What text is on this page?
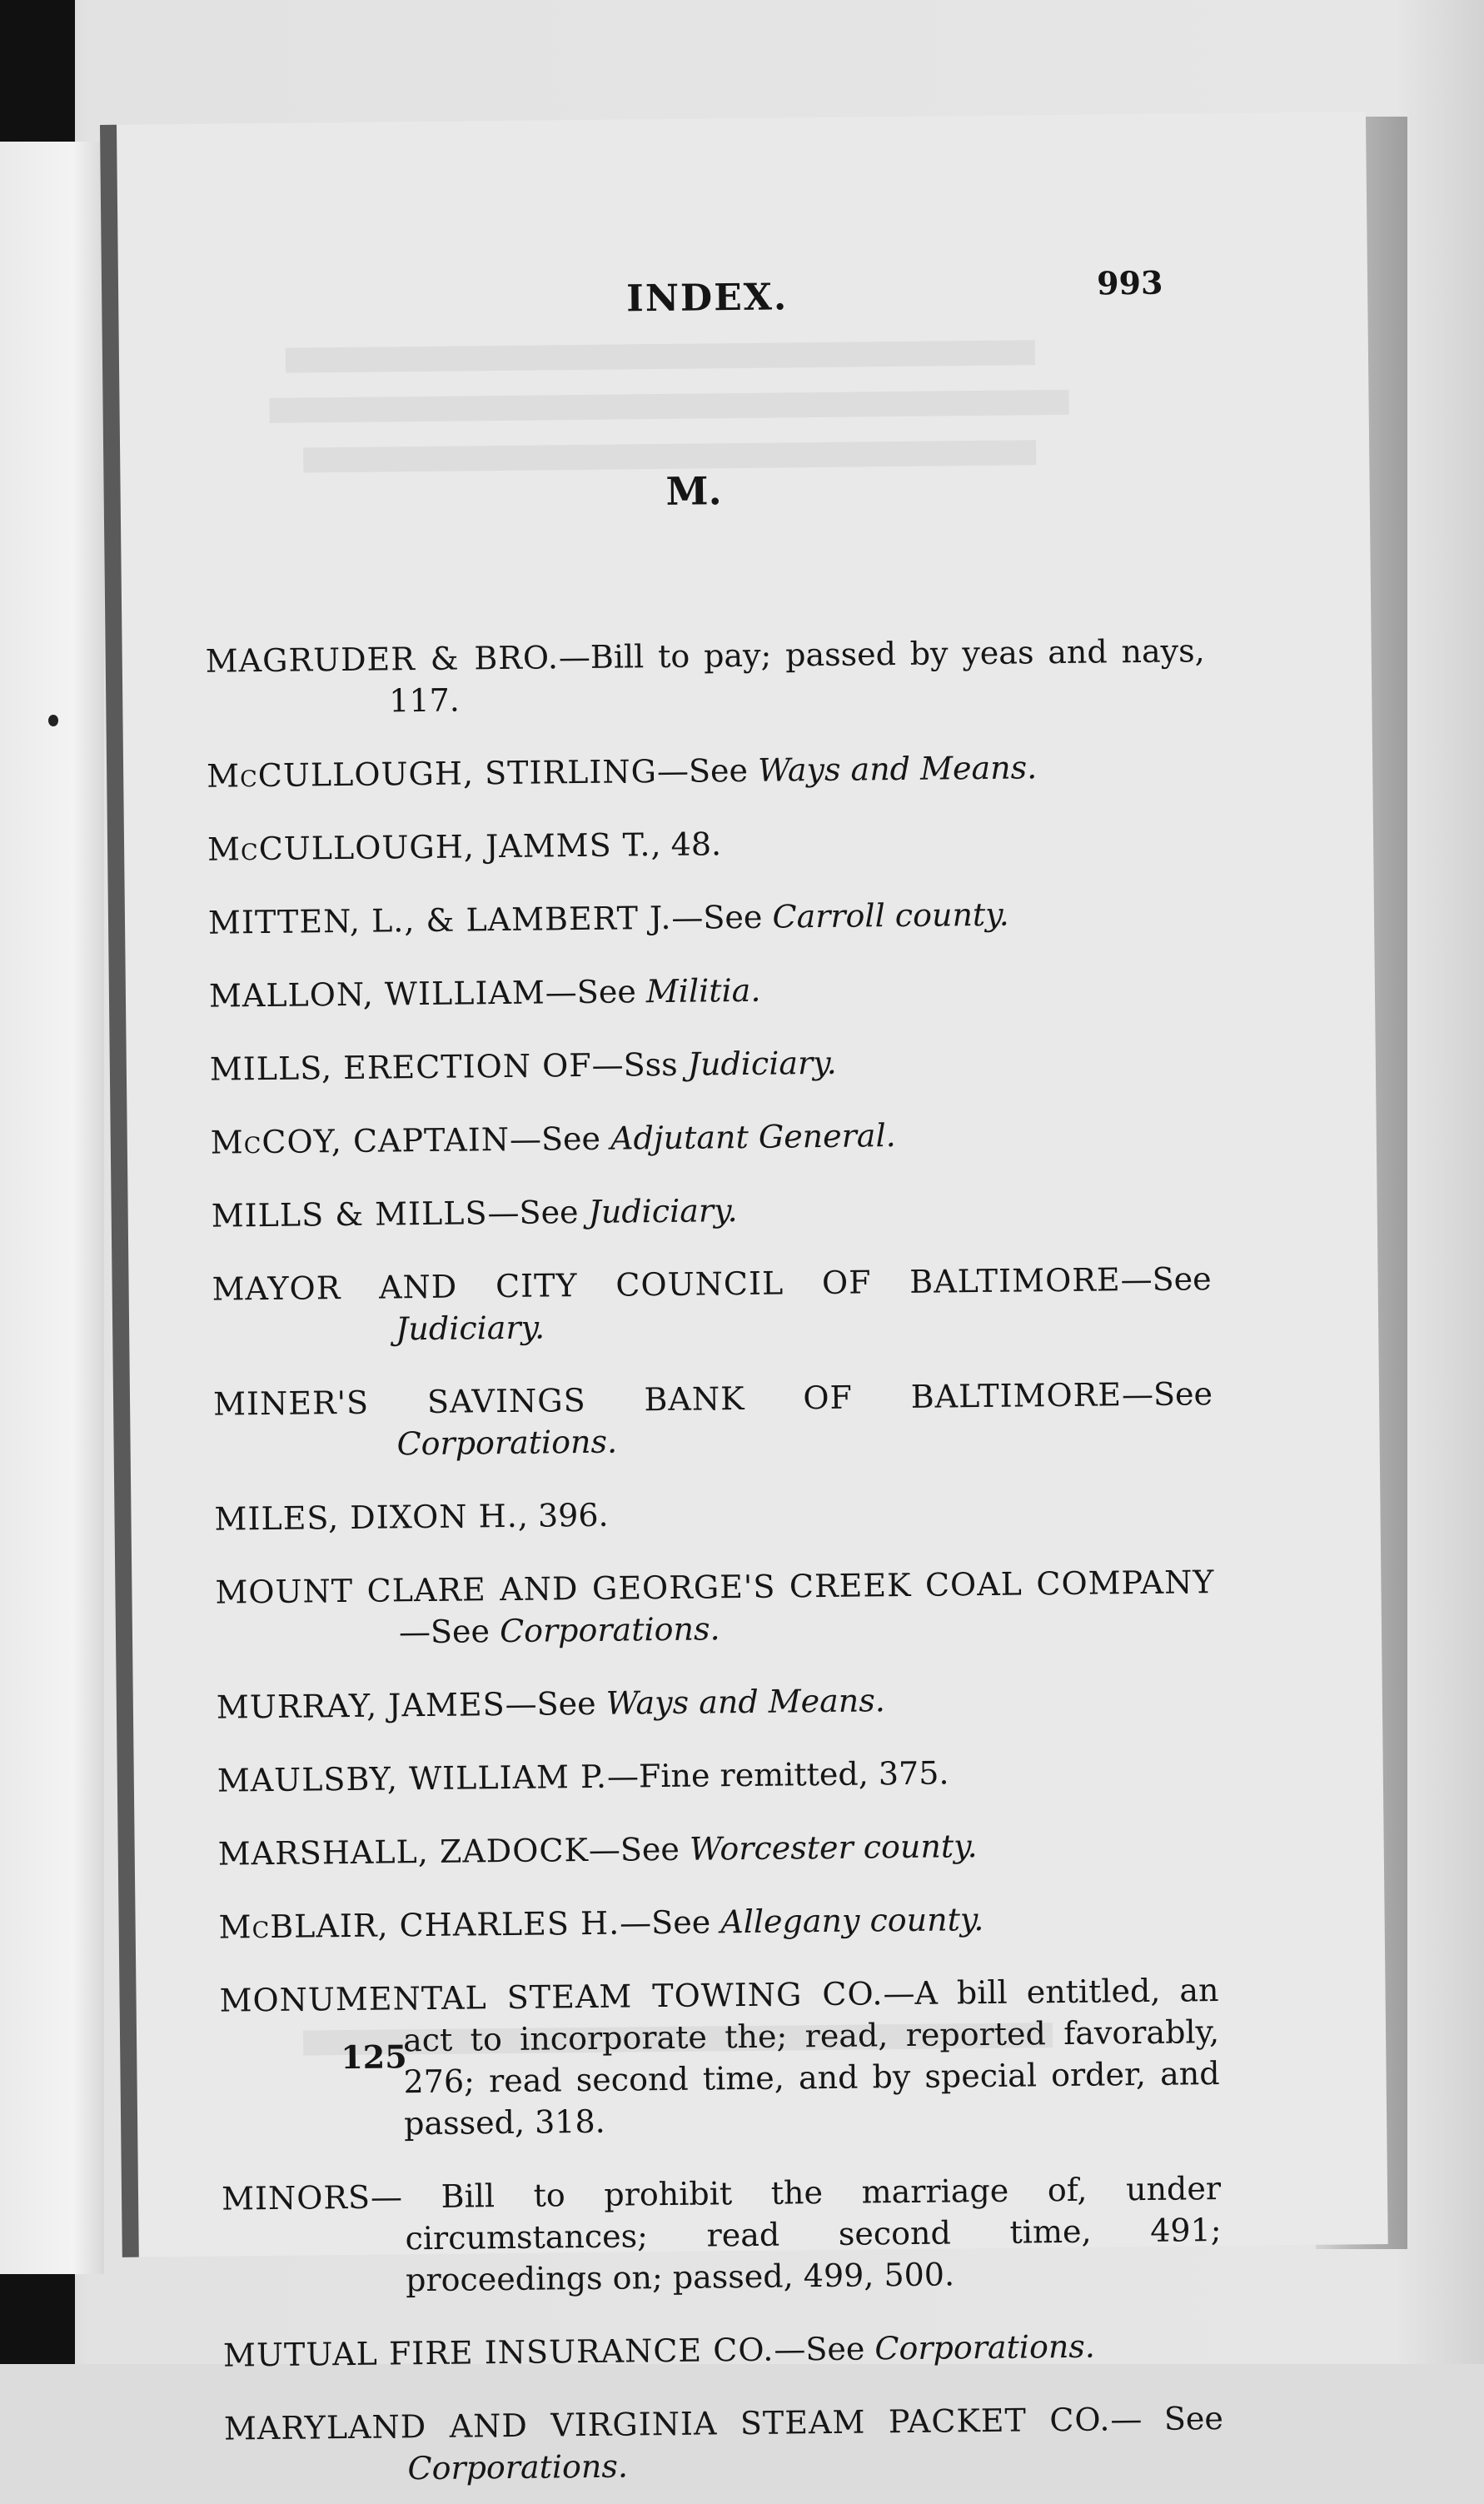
INDEX.	993
M.

MAGRUDER & BRO.—Bill to pay; passed by yeas and nays, 117.

McCULLOUGH, STIRLING—See Ways and Means.

McCULLOUGH, JAMMS T., 48.

MITTEN, L., & LAMBERT J.—See Carroll county.

MALLON, WILLIAM—See Militia.

MILLS, ERECTION OF—Sss Judiciary.

McCOY, CAPTAIN—See Adjutant General.

MILLS & MILLS—See Judiciary.

MAYOR AND CITY COUNCIL OF BALTIMORE—See Judiciary.

MINER'S SAVINGS BANK OF BALTIMORE—See Corporations.

MILES, DIXON H., 396.

MOUNT CLARE AND GEORGE'S CREEK COAL COMPANY—See Corporations.

MURRAY, JAMES—See Ways and Means.

MAULSBY, WILLIAM P.—Fine remitted, 375.

MARSHALL, ZADOCK—See Worcester county.

McBLAIR, CHARLES H.—See Allegany county.

MONUMENTAL STEAM TOWING CO.—A bill entitled, an act to incorporate the; read, reported favorably, 276; read second time, and by special order, and passed, 318.

MINORS— Bill to prohibit the marriage of, under circumstances; read second time, 491; proceedings on; passed, 499, 500.

MUTUAL FIRE INSURANCE CO.—See Corporations.

MARYLAND AND VIRGINIA STEAM PACKET CO.— See Corporations.

125
